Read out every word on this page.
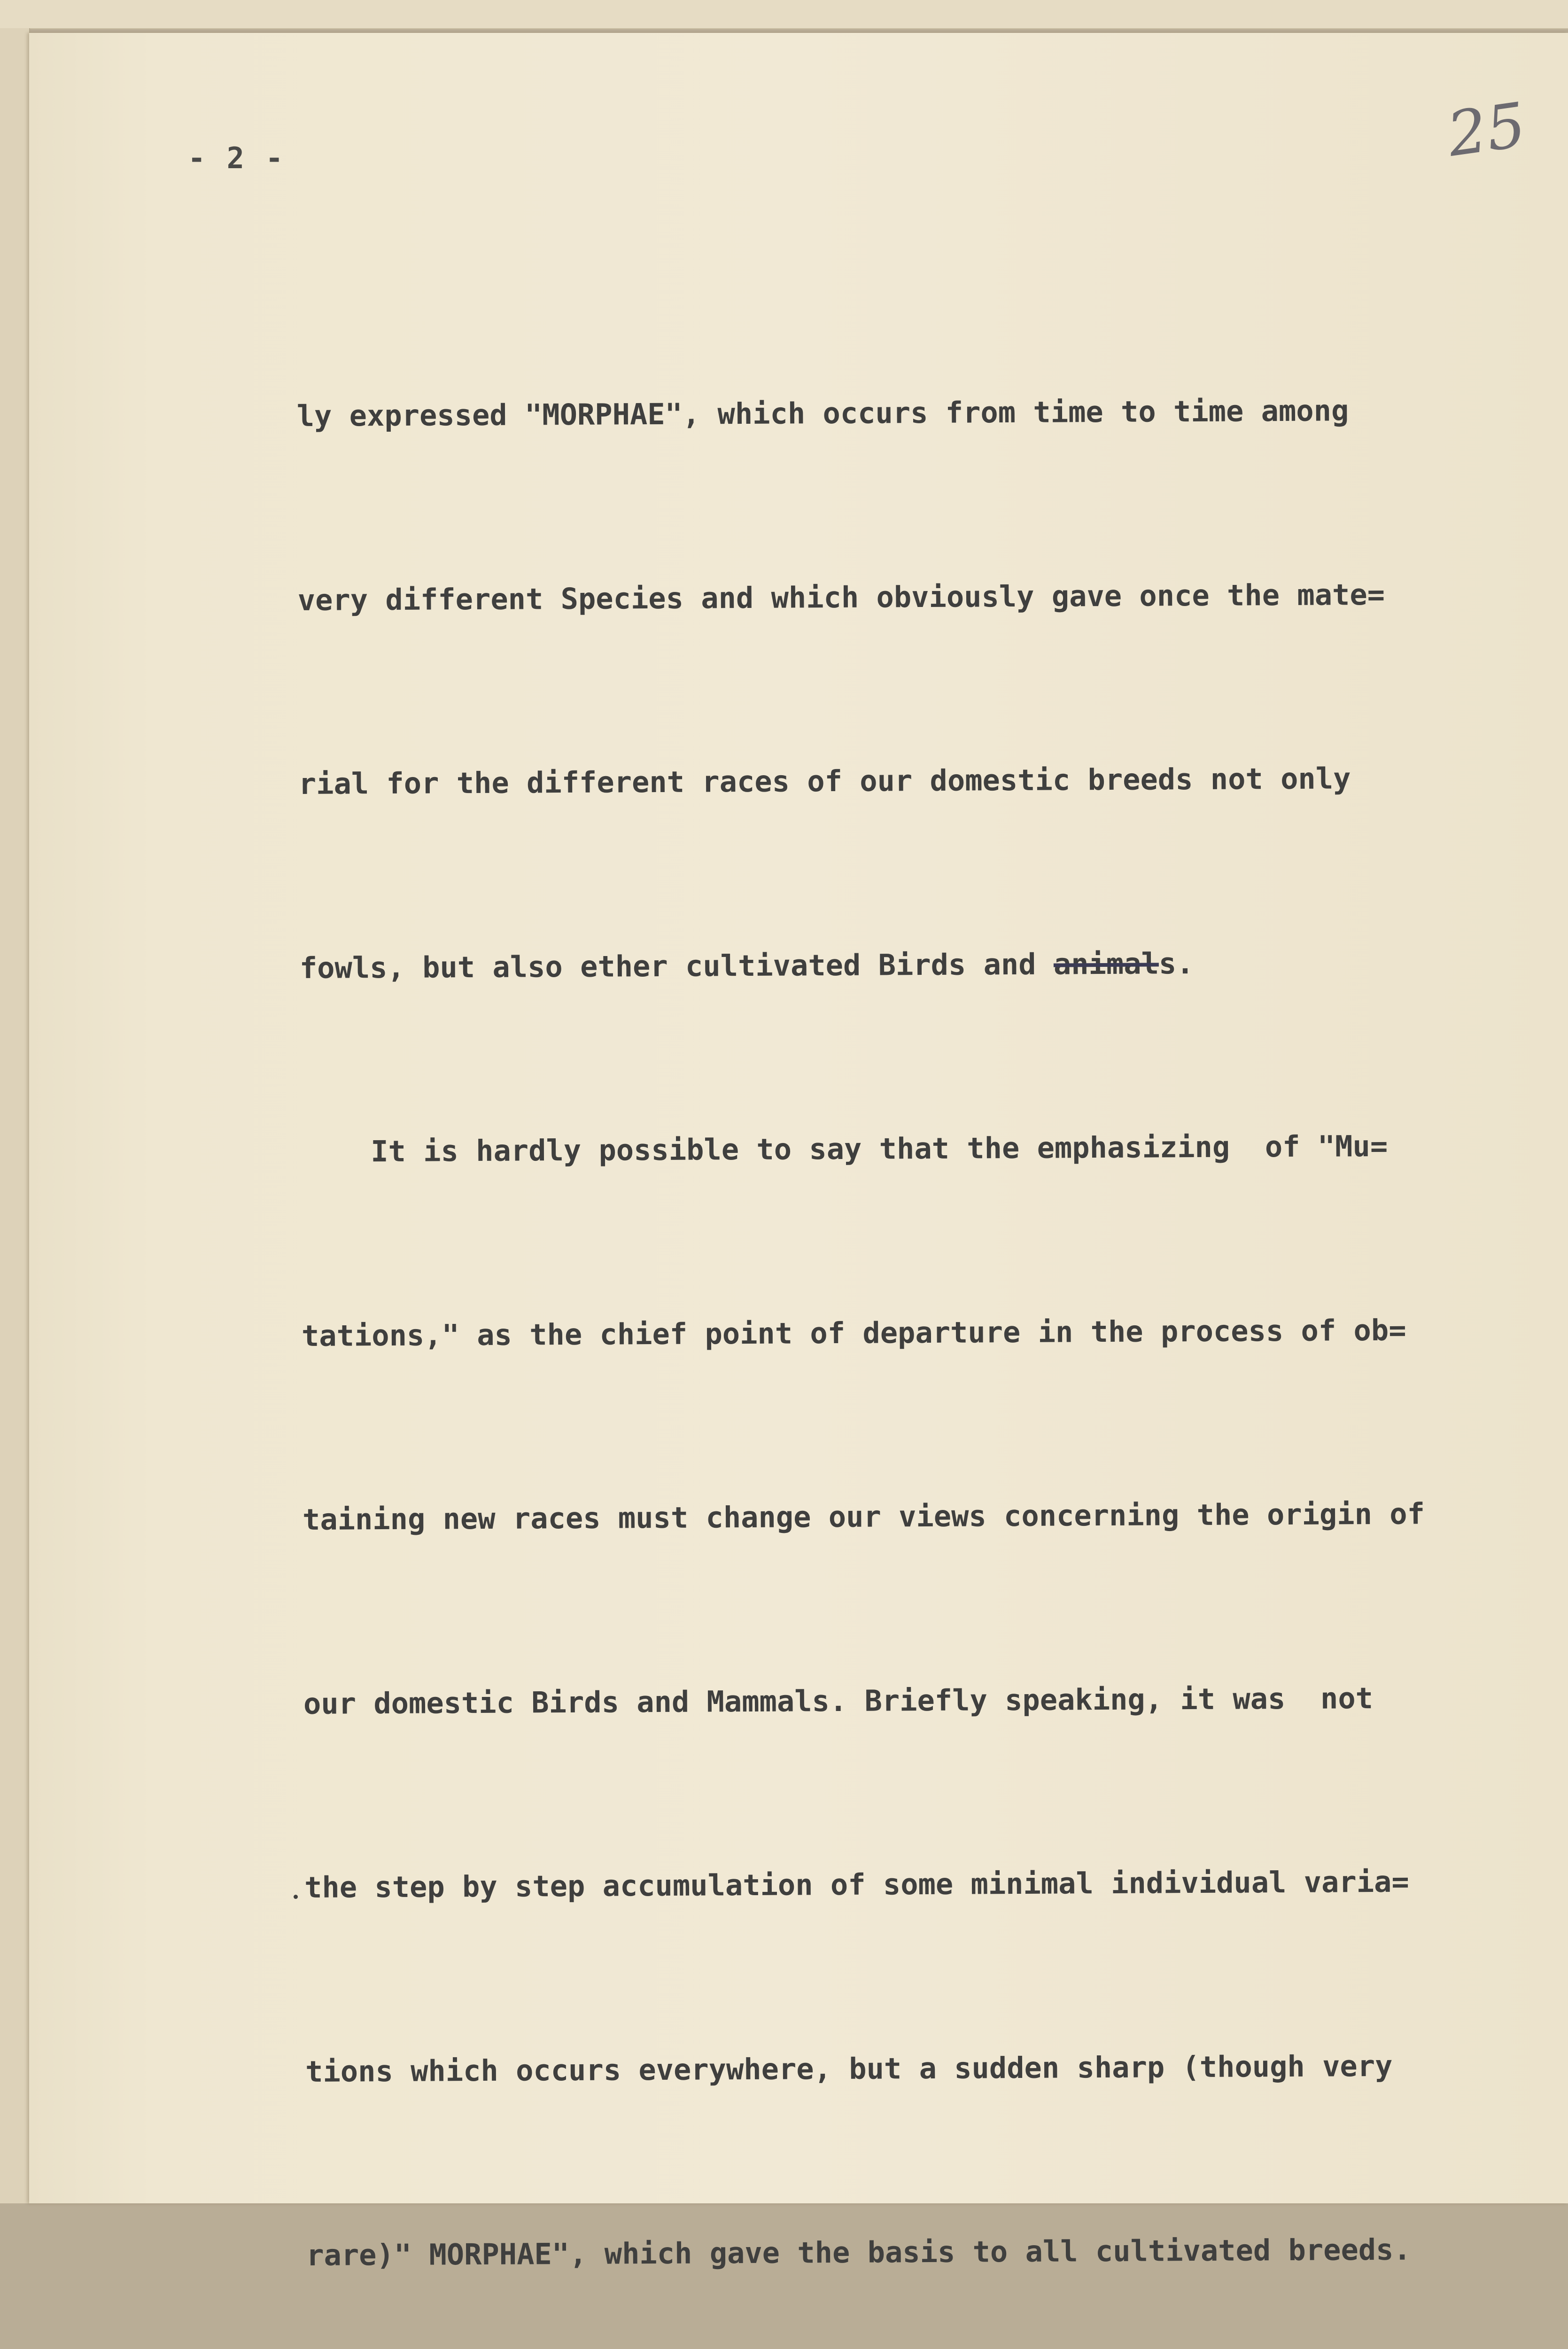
25

- 2 -

ly expressed "MORPHAE", which occurs from time to time among

very different Species and which obviously gave once the mate=

rial for the different races of our domestic breeds not only

fowls, but also ether cultivated Birds and animals.

It is hardly possible to say that the emphasizing  of "Mu=

tations," as the chief point of departure in the process of ob=

taining new races must change our views concerning the origin of

our domestic Birds and Mammals. Briefly speaking, it was  not

the step by step accumulation of some minimal individual varia=

tions which occurs everywhere, but a sudden sharp (though very

rare)" MORPHAE", which gave the basis to all cultivated breeds.
